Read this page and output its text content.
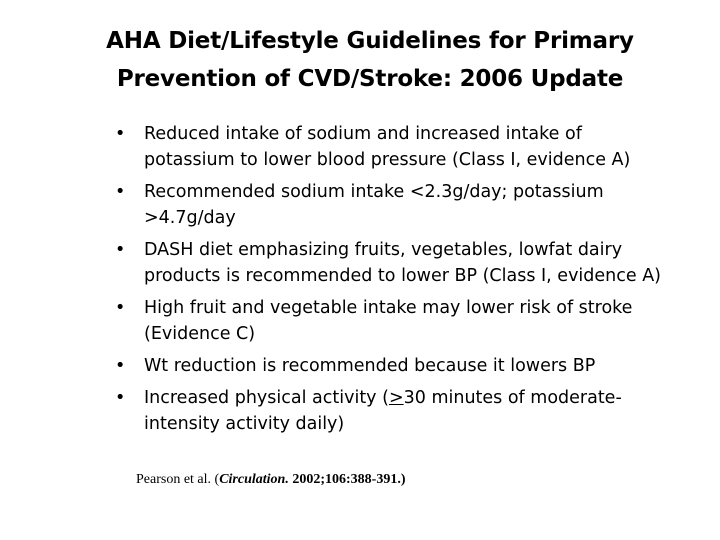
AHA Diet/Lifestyle Guidelines for Primary
Prevention of CVD/Stroke: 2006 Update
• Reduced intake of sodium and increased intake of
potassium to lower blood pressure (Class I, evidence A)
• Recommended sodium intake <2.3g/day; potassium
>4.7g/day
• DASH diet emphasizing fruits, vegetables, lowfat dairy
products is recommended to lower BP (Class I, evidence A)
• High fruit and vegetable intake may lower risk of stroke
(Evidence C)
• Wt reduction is recommended because it lowers BP
• Increased physical activity (≥30 minutes of moderate-
intensity activity daily)
Pearson et al. (Circulation. 2002;106:388-391.)
